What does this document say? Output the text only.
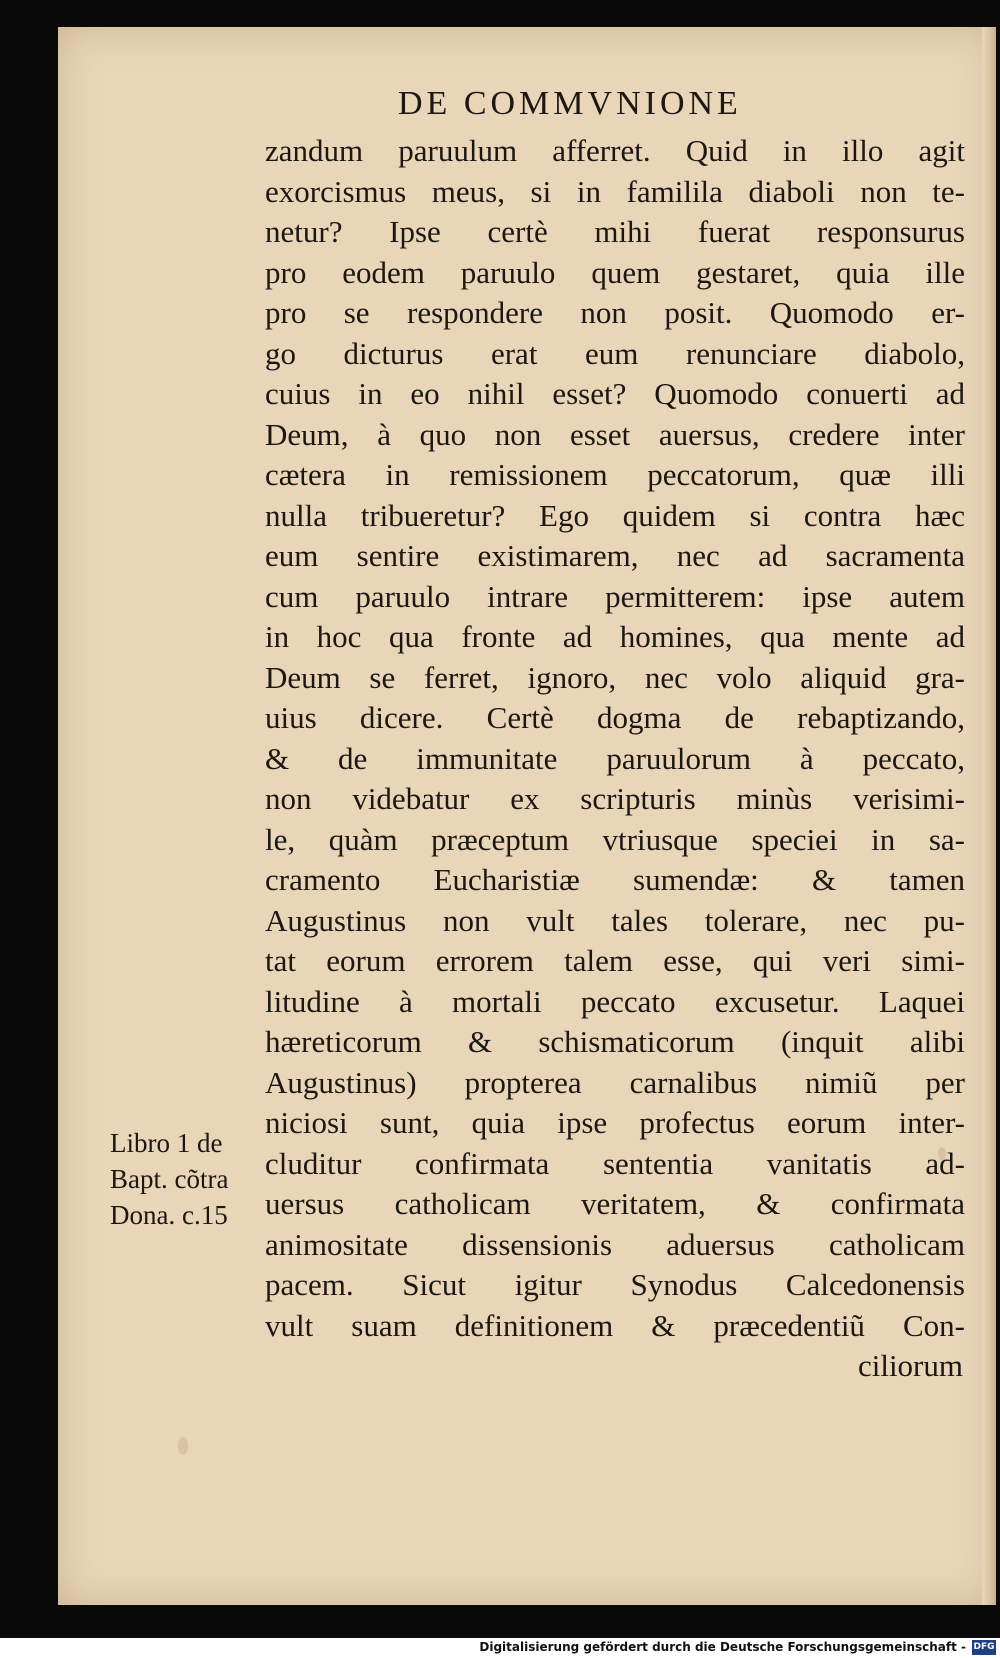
DE COMMVNIONE
zandum paruulum afferret. Quid in illo agit
exorcismus meus, si in familila diaboli non te-
netur? Ipse certè mihi fuerat responsurus
pro eodem paruulo quem gestaret, quia ille
pro se respondere non posit. Quomodo er-
go dicturus erat eum renunciare diabolo,
cuius in eo nihil esset? Quomodo conuerti ad
Deum, à quo non esset auersus, credere inter
cætera in remissionem peccatorum, quæ illi
nulla tribueretur? Ego quidem si contra hæc
eum sentire existimarem, nec ad sacramenta
cum paruulo intrare permitterem: ipse autem
in hoc qua fronte ad homines, qua mente ad
Deum se ferret, ignoro, nec volo aliquid gra-
uius dicere. Certè dogma de rebaptizando,
& de immunitate paruulorum à peccato,
non videbatur ex scripturis minùs verisimi-
le, quàm præceptum vtriusque speciei in sa-
cramento Eucharistiæ sumendæ: & tamen
Augustinus non vult tales tolerare, nec pu-
tat eorum errorem talem esse, qui veri simi-
litudine à mortali peccato excusetur. Laquei
hæreticorum & schismaticorum (inquit alibi
Augustinus) propterea carnalibus nimiũ per
niciosi sunt, quia ipse profectus eorum inter-
cluditur confirmata sententia vanitatis ad-
uersus catholicam veritatem, & confirmata
animositate dissensionis aduersus catholicam
pacem. Sicut igitur Synodus Calcedonensis
vult suam definitionem & præcedentiũ Con-
ciliorum
Libro 1 de
Bapt. cõtra
Dona. c.15
Digitalisierung gefördert durch die Deutsche Forschungsgemeinschaft - DFG
